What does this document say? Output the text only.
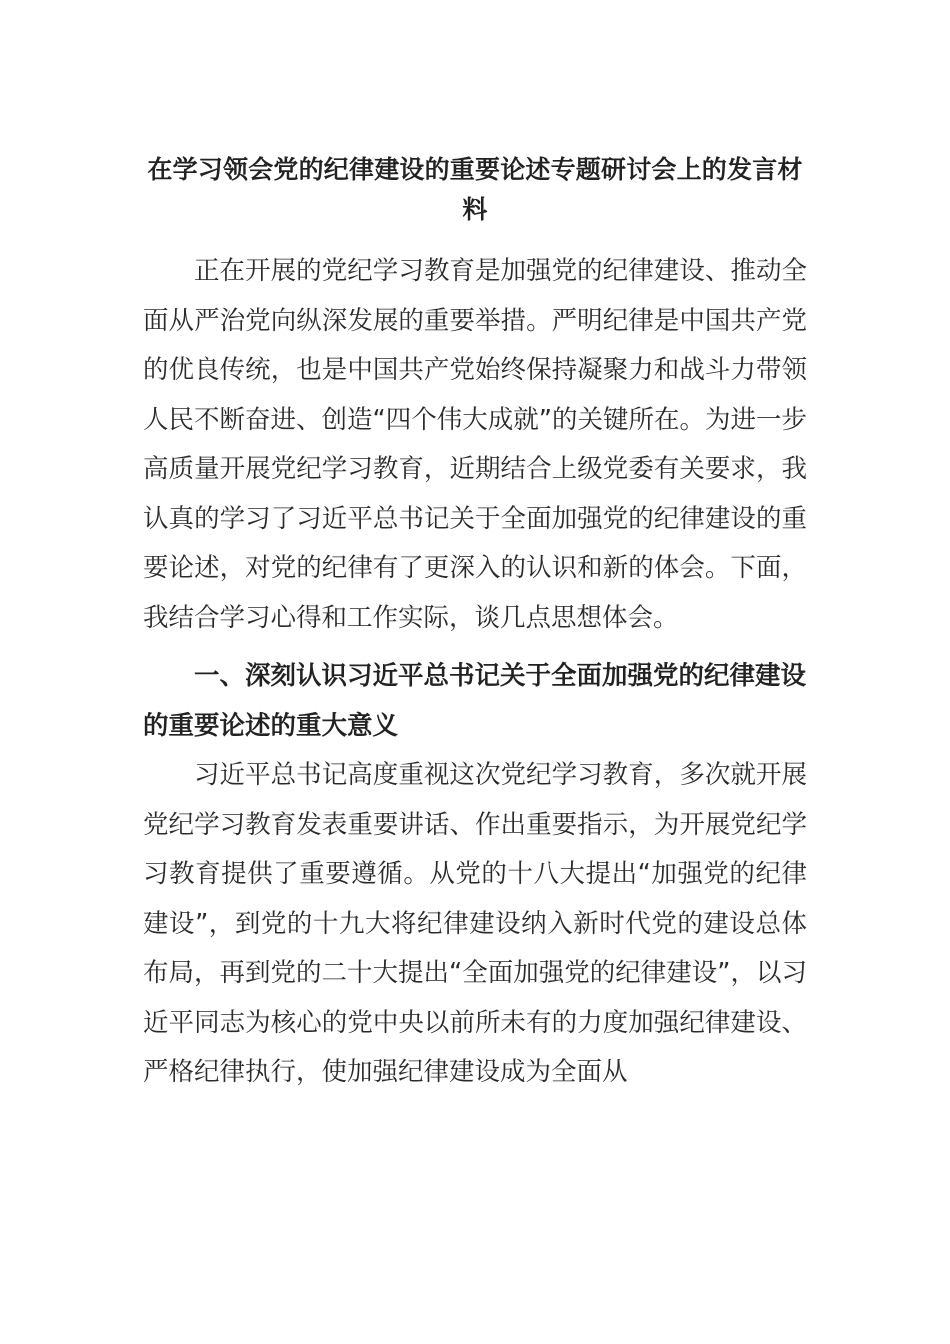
在学习领会党的纪律建设的重要论述专题研讨会上的发言材料

正在开展的党纪学习教育是加强党的纪律建设、推动全面从严治党向纵深发展的重要举措。严明纪律是中国共产党的优良传统，也是中国共产党始终保持凝聚力和战斗力带领人民不断奋进、创造“四个伟大成就”的关键所在。为进一步高质量开展党纪学习教育，近期结合上级党委有关要求，我认真的学习了习近平总书记关于全面加强党的纪律建设的重要论述，对党的纪律有了更深入的认识和新的体会。下面，我结合学习心得和工作实际，谈几点思想体会。

一、深刻认识习近平总书记关于全面加强党的纪律建设的重要论述的重大意义

习近平总书记高度重视这次党纪学习教育，多次就开展党纪学习教育发表重要讲话、作出重要指示，为开展党纪学习教育提供了重要遵循。从党的十八大提出“加强党的纪律建设”，到党的十九大将纪律建设纳入新时代党的建设总体布局，再到党的二十大提出“全面加强党的纪律建设”，以习近平同志为核心的党中央以前所未有的力度加强纪律建设、严格纪律执行，使加强纪律建设成为全面从
